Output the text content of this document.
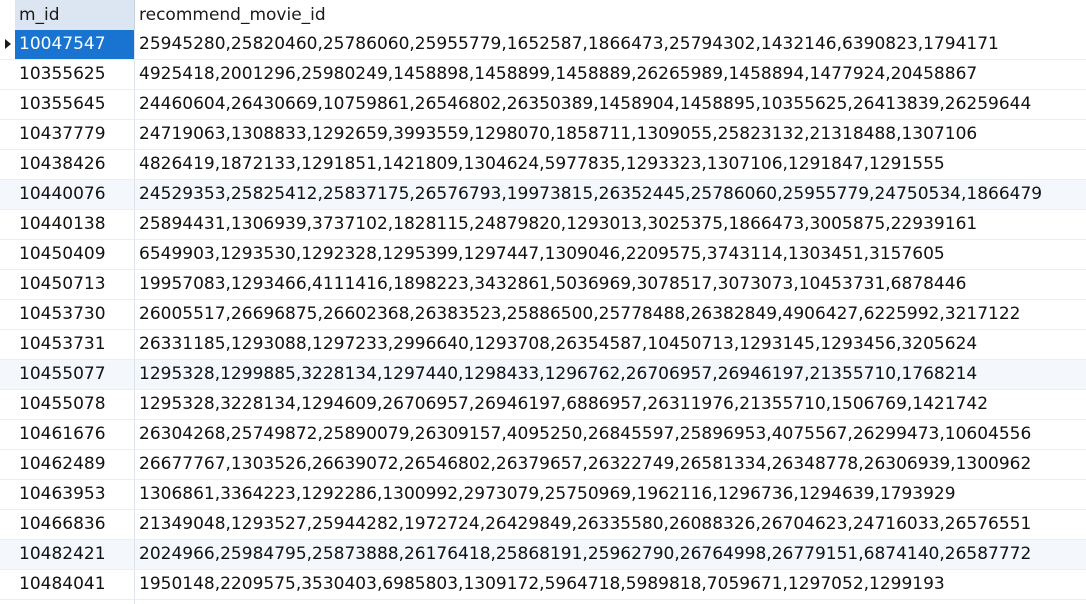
m_id	recommend_movie_id
10047547	25945280,25820460,25786060,25955779,1652587,1866473,25794302,1432146,6390823,1794171
10355625	4925418,2001296,25980249,1458898,1458899,1458889,26265989,1458894,1477924,20458867
10355645	24460604,26430669,10759861,26546802,26350389,1458904,1458895,10355625,26413839,26259644
10437779	24719063,1308833,1292659,3993559,1298070,1858711,1309055,25823132,21318488,1307106
10438426	4826419,1872133,1291851,1421809,1304624,5977835,1293323,1307106,1291847,1291555
10440076	24529353,25825412,25837175,26576793,19973815,26352445,25786060,25955779,24750534,1866479
10440138	25894431,1306939,3737102,1828115,24879820,1293013,3025375,1866473,3005875,22939161
10450409	6549903,1293530,1292328,1295399,1297447,1309046,2209575,3743114,1303451,3157605
10450713	19957083,1293466,4111416,1898223,3432861,5036969,3078517,3073073,10453731,6878446
10453730	26005517,26696875,26602368,26383523,25886500,25778488,26382849,4906427,6225992,3217122
10453731	26331185,1293088,1297233,2996640,1293708,26354587,10450713,1293145,1293456,3205624
10455077	1295328,1299885,3228134,1297440,1298433,1296762,26706957,26946197,21355710,1768214
10455078	1295328,3228134,1294609,26706957,26946197,6886957,26311976,21355710,1506769,1421742
10461676	26304268,25749872,25890079,26309157,4095250,26845597,25896953,4075567,26299473,10604556
10462489	26677767,1303526,26639072,26546802,26379657,26322749,26581334,26348778,26306939,1300962
10463953	1306861,3364223,1292286,1300992,2973079,25750969,1962116,1296736,1294639,1793929
10466836	21349048,1293527,25944282,1972724,26429849,26335580,26088326,26704623,24716033,26576551
10482421	2024966,25984795,25873888,26176418,25868191,25962790,26764998,26779151,6874140,26587772
10484041	1950148,2209575,3530403,6985803,1309172,5964718,5989818,7059671,1297052,1299193
